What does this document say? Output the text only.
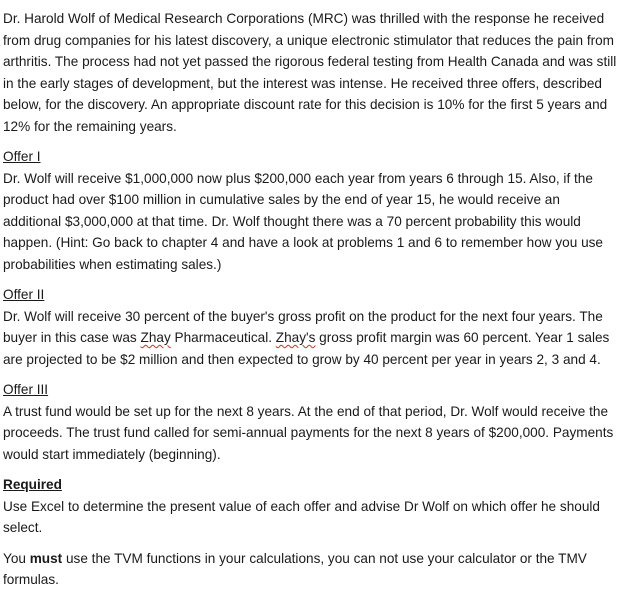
Dr. Harold Wolf of Medical Research Corporations (MRC) was thrilled with the response he received from drug companies for his latest discovery, a unique electronic stimulator that reduces the pain from arthritis. The process had not yet passed the rigorous federal testing from Health Canada and was still in the early stages of development, but the interest was intense. He received three offers, described below, for the discovery. An appropriate discount rate for this decision is 10% for the first 5 years and 12% for the remaining years.

Offer I

Dr. Wolf will receive $1,000,000 now plus $200,000 each year from years 6 through 15. Also, if the product had over $100 million in cumulative sales by the end of year 15, he would receive an additional $3,000,000 at that time. Dr. Wolf thought there was a 70 percent probability this would happen. (Hint: Go back to chapter 4 and have a look at problems 1 and 6 to remember how you use probabilities when estimating sales.)

Offer II

Dr. Wolf will receive 30 percent of the buyer's gross profit on the product for the next four years. The buyer in this case was Zhay Pharmaceutical. Zhay's gross profit margin was 60 percent. Year 1 sales are projected to be $2 million and then expected to grow by 40 percent per year in years 2, 3 and 4.

Offer III

A trust fund would be set up for the next 8 years. At the end of that period, Dr. Wolf would receive the proceeds. The trust fund called for semi-annual payments for the next 8 years of $200,000. Payments would start immediately (beginning).

Required

Use Excel to determine the present value of each offer and advise Dr Wolf on which offer he should select.

You must use the TVM functions in your calculations, you can not use your calculator or the TMV formulas.
